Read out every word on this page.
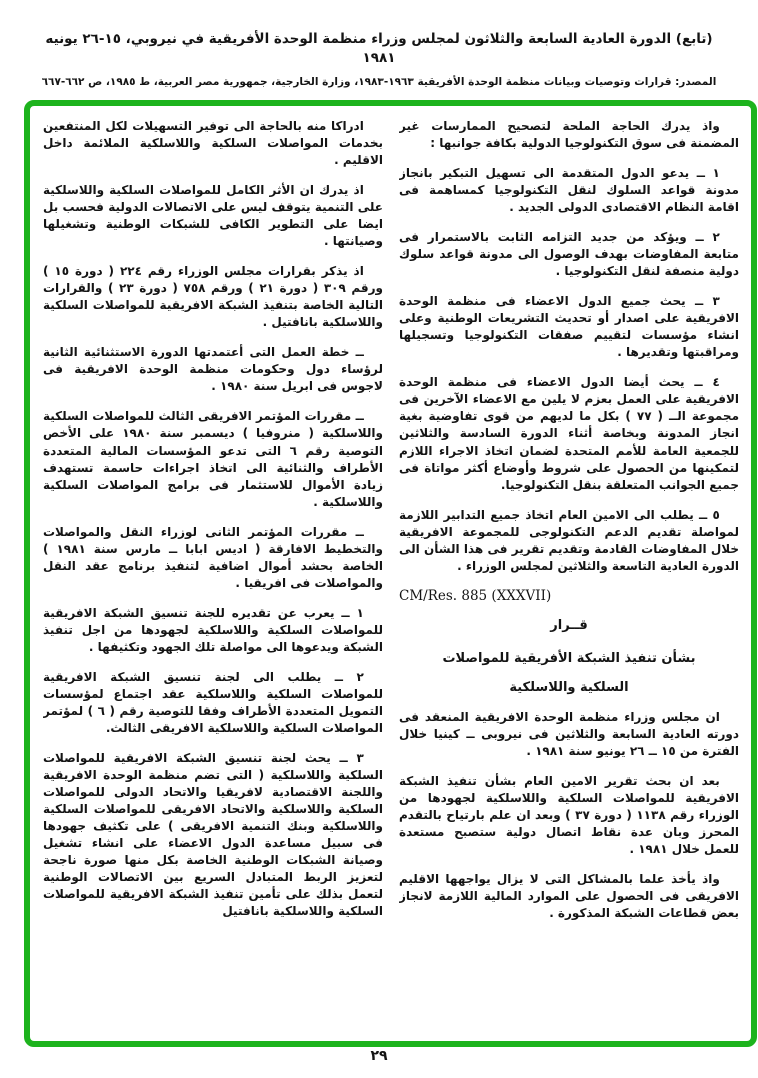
(تابع) الدورة العادية السابعة والثلاثون لمجلس وزراء منظمة الوحدة الأفريقية في نيروبي، ١٥-٢٦ يونيه ١٩٨١
المصدر: قرارات وتوصيات وبيانات منظمة الوحدة الأفريقية ١٩٦٣-١٩٨٣، وزارة الخارجية، جمهورية مصر العربية، ط ١٩٨٥، ص ٦٦٢-٦٦٧

واذ يدرك الحاجة الملحة لتصحيح الممارسات غير المضمنة فى سوق التكنولوجيا الدولية بكافة جوانبها :

١ ــ يدعو الدول المتقدمة الى تسهيل التبكير بانجاز مدونة قواعد السلوك لنقل التكنولوجيا كمساهمة فى اقامة النظام الاقتصادى الدولى الجديد .

٢ ــ ويؤكد من جديد التزامه الثابت بالاستمرار فى متابعة المفاوضات بهدف الوصول الى مدونة قواعد سلوك دولية منصفة لنقل التكنولوجيا .

٣ ــ يحث جميع الدول الاعضاء فى منظمة الوحدة الافريقية على اصدار أو تحديث التشريعات الوطنية وعلى انشاء مؤسسات لتقييم صفقات التكنولوجيا وتسجيلها ومراقبتها وتقديرها .

٤ ــ يحث أيضا الدول الاعضاء فى منظمة الوحدة الافريقية على العمل بعزم لا يلين مع الاعضاء الآخرين فى مجموعة الــ ( ٧٧ ) بكل ما لديهم من قوى تفاوضية بغية انجاز المدونة وبخاصة أثناء الدورة السادسة والثلاثين للجمعية العامة للأمم المتحدة لضمان اتخاذ الاجراء اللازم لتمكينها من الحصول على شروط وأوضاع أكثر مواتاة فى جميع الجوانب المتعلقة بنقل التكنولوجيا.

٥ ــ يطلب الى الامين العام اتخاذ جميع التدابير اللازمة لمواصلة تقديم الدعم التكنولوجى للمجموعة الافريقية خلال المفاوضات القادمة وتقديم تقرير فى هذا الشأن الى الدورة العادية التاسعة والثلاثين لمجلس الوزراء .

CM/Res. 885 (XXXVII)
قــرار
بشأن تنفيذ الشبكة الأفريقية للمواصلات
السلكية واللاسلكية

ان مجلس وزراء منظمة الوحدة الافريقية المنعقد فى دورته العادية السابعة والثلاثين فى نيروبى ــ كينيا خلال الفترة من ١٥ ــ ٢٦ يونيو سنة ١٩٨١ .

بعد ان بحث تقرير الامين العام بشأن تنفيذ الشبكة الافريقية للمواصلات السلكية واللاسلكية لجهودها من الوزراء رقم ١١٣٨ ( دورة ٣٧ ) وبعد ان علم بارتياح بالتقدم المحرز وبان عدة نقاط اتصال دولية ستصبح مستعدة للعمل خلال ١٩٨١ .

واذ يأخذ علما بالمشاكل التى لا يزال يواجهها الاقليم الافريقى فى الحصول على الموارد المالية اللازمة لانجاز بعض قطاعات الشبكة المذكورة .

ادراكا منه بالحاجة الى توفير التسهيلات لكل المنتفعين بخدمات المواصلات السلكية واللاسلكية الملائمة داخل الاقليم .

اذ يدرك ان الأثر الكامل للمواصلات السلكية واللاسلكية على التنمية يتوقف ليس على الاتصالات الدولية فحسب بل ايضا على التطوير الكافى للشبكات الوطنية وتشغيلها وصيانتها .

اذ يذكر بقرارات مجلس الوزراء رقم ٢٢٤ ( دورة ١٥ ) ورقم ٣٠٩ ( دورة ٢١ ) ورقم ٧٥٨ ( دورة ٢٣ ) والقرارات التالية الخاصة بتنفيذ الشبكة الافريقية للمواصلات السلكية واللاسلكية بانافتيل .

ــ خطة العمل التى أعتمدتها الدورة الاستثنائية الثانية لرؤساء دول وحكومات منظمة الوحدة الافريقية فى لاجوس فى ابريل سنة ١٩٨٠ .

ــ مقررات المؤتمر الافريقى الثالث للمواصلات السلكية واللاسلكية ( منروفيا ) ديسمبر سنة ١٩٨٠ على الأخص التوصية رقم ٦ التى تدعو المؤسسات المالية المتعددة الأطراف والثنائية الى اتخاذ اجراءات حاسمة تستهدف زيادة الأموال للاستثمار فى برامج المواصلات السلكية واللاسلكية .

ــ مقررات المؤتمر الثانى لوزراء النقل والمواصلات والتخطيط الافارقة ( اديس ابابا ــ مارس سنة ١٩٨١ ) الخاصة بحشد أموال اضافية لتنفيذ برنامج عقد النقل والمواصلات فى افريقيا .

١ ــ يعرب عن تقديره للجنة تنسيق الشبكة الافريقية للمواصلات السلكية واللاسلكية لجهودها من اجل تنفيذ الشبكة ويدعوها الى مواصلة تلك الجهود وتكثيفها .

٢ ــ يطلب الى لجنة تنسيق الشبكة الافريقية للمواصلات السلكية واللاسلكية عقد اجتماع لمؤسسات التمويل المتعددة الأطراف وفقا للتوصية رقم ( ٦ ) لمؤتمر المواصلات السلكية واللاسلكية الافريقى الثالث.

٣ ــ يحث لجنة تنسيق الشبكة الافريقية للمواصلات السلكية واللاسلكية ( التى تضم منظمة الوحدة الافريقية واللجنة الاقتصادية لافريقيا والاتحاد الدولى للمواصلات السلكية واللاسلكية والاتحاد الافريقى للمواصلات السلكية واللاسلكية وبنك التنمية الافريقى ) على تكثيف جهودها فى سبيل مساعدة الدول الاعضاء على انشاء تشغيل وصيانة الشبكات الوطنية الخاصة بكل منها صورة ناجحة لتعزيز الربط المتبادل السريع بين الاتصالات الوطنية لتعمل بذلك على تأمين تنفيذ الشبكة الافريقية للمواصلات السلكية واللاسلكية بانافتيل

٢٩
